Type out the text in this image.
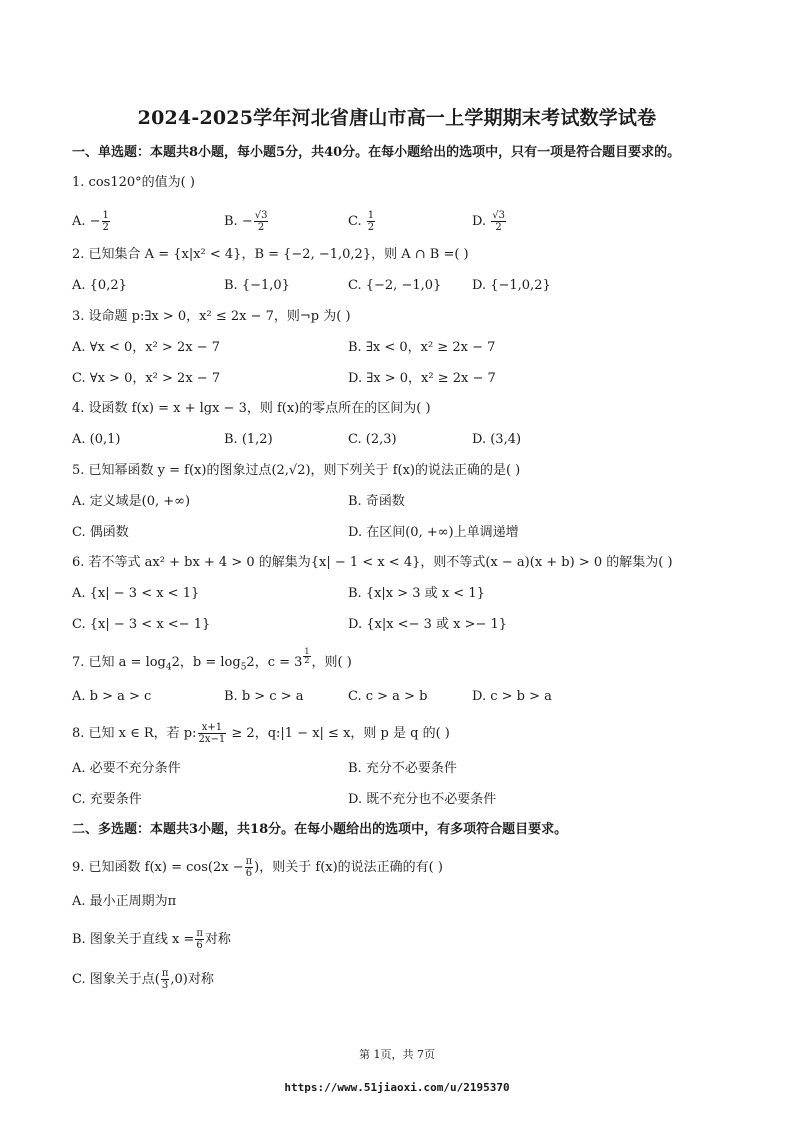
2024-2025学年河北省唐山市高一上学期期末考试数学试卷
一、单选题：本题共8小题，每小题5分，共40分。在每小题给出的选项中，只有一项是符合题目要求的。
1. cos120°的值为( )
A. − $\frac{1}{2}$	B. − $\frac{√3}{2}$	C. $\frac{1}{2}$	D. $\frac{√3}{2}$
2. 已知集合 A = {x|x² < 4}，B = {−2, −1,0,2}，则 A ∩ B =( )
A. {0,2}	B. {−1,0}	C. {−2, −1,0} D. {−1,0,2}
3. 设命题 p:∃x > 0，x² ≤ 2x − 7，则¬p 为( )
A. ∀x < 0，x² > 2x − 7	B. ∃x < 0，x² ≥ 2x − 7
C. ∀x > 0，x² > 2x − 7	D. ∃x > 0，x² ≥ 2x − 7
4. 设函数 f(x) = x + lgx − 3，则 f(x)的零点所在的区间为( )
A. (0,1)	B. (1,2)	C. (2,3)	D. (3,4)
5. 已知幂函数 y = f(x)的图象过点(2,√2)，则下列关于 f(x)的说法正确的是( )
A. 定义域是(0, +∞)	B. 奇函数
C. 偶函数	D. 在区间(0, +∞)上单调递增
6. 若不等式 ax² + bx + 4 > 0 的解集为{x| − 1 < x < 4}，则不等式(x − a)(x + b) > 0 的解集为( )
A. {x| − 3 < x < 1}	B. {x|x > 3 或 x < 1}
C. {x| − 3 < x <− 1}	D. {x|x <− 3 或 x >− 1}
7. 已知 $a = \log_42$，$b = \log_52$，$c = 3 \frac{1}{2}$ ，则( )
A. b > a > c	B. b > c > a	C. c > a > b	D. c > b > a
8. 已知 x ∈ R，若 p: $\frac{x+1}{2x-1} \ge 2$，q:|1 − x| ≤ x，则 p 是 q 的( )
A. 必要不充分条件	B. 充分不必要条件
C. 充要条件	D. 既不充分也不必要条件
二、多选题：本题共3小题，共18分。在每小题给出的选项中，有多项符合题目要求。
9. 已知函数 $f(x) = \cos(2x - \frac{\pi}{6}$ )，则关于 f(x)的说法正确的有( )
A. 最小正周期为π
B. 图象关于直线 $x = \frac{\pi}{6}$ 对称
C. 图象关于点( $\frac{\pi}{3} ,0$)对称
第 1页，共 7页
https://www.51jiaoxi.com/u/2195370
